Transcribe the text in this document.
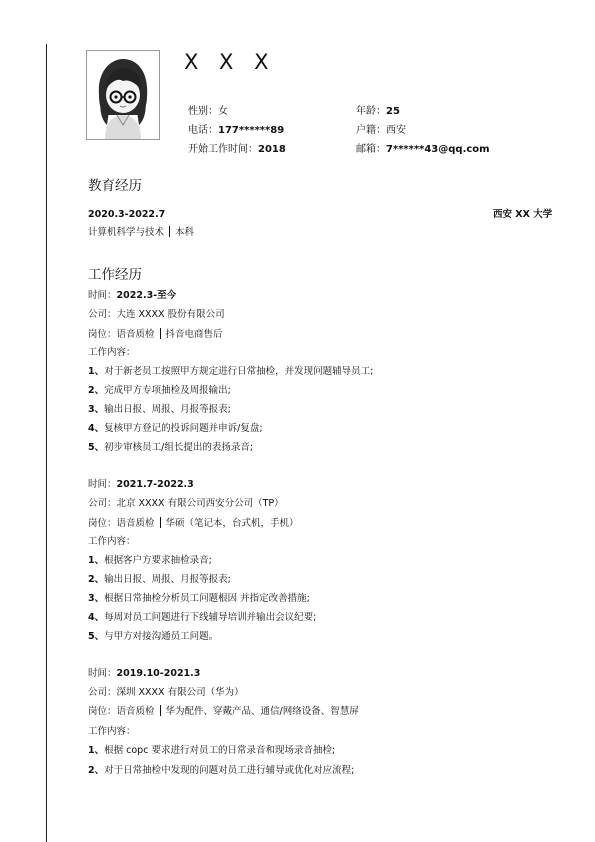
X X X
性别：女	年龄：25
电话：177******89	户籍：西安
开始工作时间：2018	邮箱：7******43@qq.com
教育经历
2020.3-2022.7	西安 XX 大学
计算机科学与技术 本科
工作经历
时间：2022.3-至今
公司：大连 XXXX 股份有限公司
岗位：语音质检 抖音电商售后
工作内容：
1、对于新老员工按照甲方规定进行日常抽检，并发现问题辅导员工;
2、完成甲方专项抽检及周报输出;
3、输出日报、周报、月报等报表;
4、复核甲方登记的投诉问题并申诉/复盘;
5、初步审核员工/组长提出的表扬录音;
时间：2021.7-2022.3
公司：北京 XXXX 有限公司西安分公司（TP）
岗位：语音质检 华硕（笔记本，台式机，手机）
工作内容：
1、根据客户方要求抽检录音;
2、输出日报、周报、月报等报表;
3、根据日常抽检分析员工问题根因 并指定改善措施;
4、每周对员工问题进行下线辅导培训并输出会议纪要;
5、与甲方对接沟通员工问题。
时间：2019.10-2021.3
公司：深圳 XXXX 有限公司（华为）
岗位：语音质检 华为配件、穿戴产品、通信/网络设备、智慧屏
工作内容：
1、根据 copc 要求进行对员工的日常录音和现场录音抽检;
2、对于日常抽检中发现的问题对员工进行辅导或优化对应流程;
